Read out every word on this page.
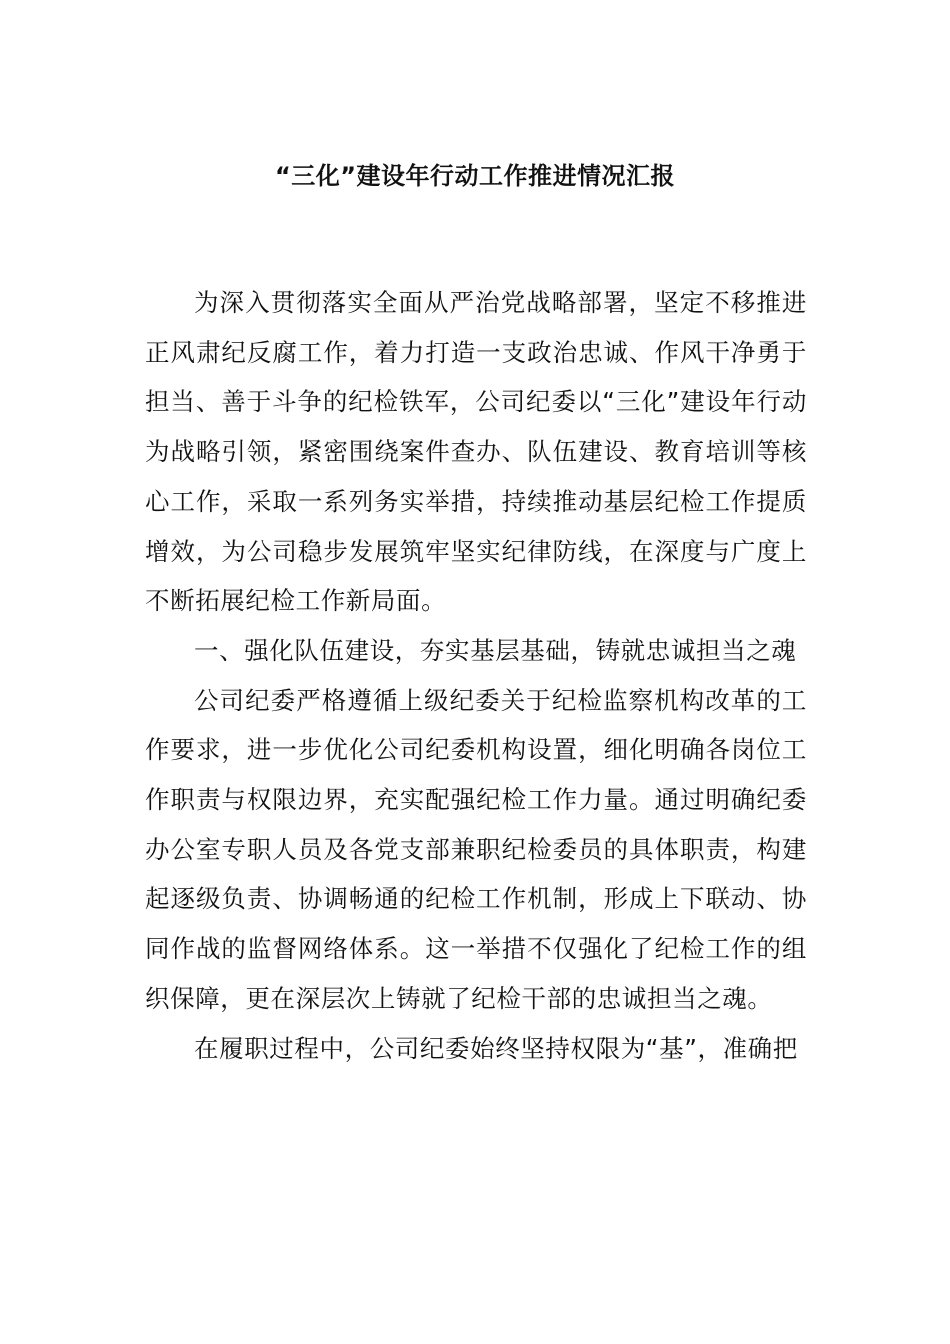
“三化”建设年行动工作推进情况汇报

为深入贯彻落实全面从严治党战略部署，坚定不移推进正风肃纪反腐工作，着力打造一支政治忠诚、作风干净勇于担当、善于斗争的纪检铁军，公司纪委以“三化”建设年行动为战略引领，紧密围绕案件查办、队伍建设、教育培训等核心工作，采取一系列务实举措，持续推动基层纪检工作提质增效，为公司稳步发展筑牢坚实纪律防线，在深度与广度上不断拓展纪检工作新局面。

一、强化队伍建设，夯实基层基础，铸就忠诚担当之魂

公司纪委严格遵循上级纪委关于纪检监察机构改革的工作要求，进一步优化公司纪委机构设置，细化明确各岗位工作职责与权限边界，充实配强纪检工作力量。通过明确纪委办公室专职人员及各党支部兼职纪检委员的具体职责，构建起逐级负责、协调畅通的纪检工作机制，形成上下联动、协同作战的监督网络体系。这一举措不仅强化了纪检工作的组织保障，更在深层次上铸就了纪检干部的忠诚担当之魂。

在履职过程中，公司纪委始终坚持权限为“基”，准确把
